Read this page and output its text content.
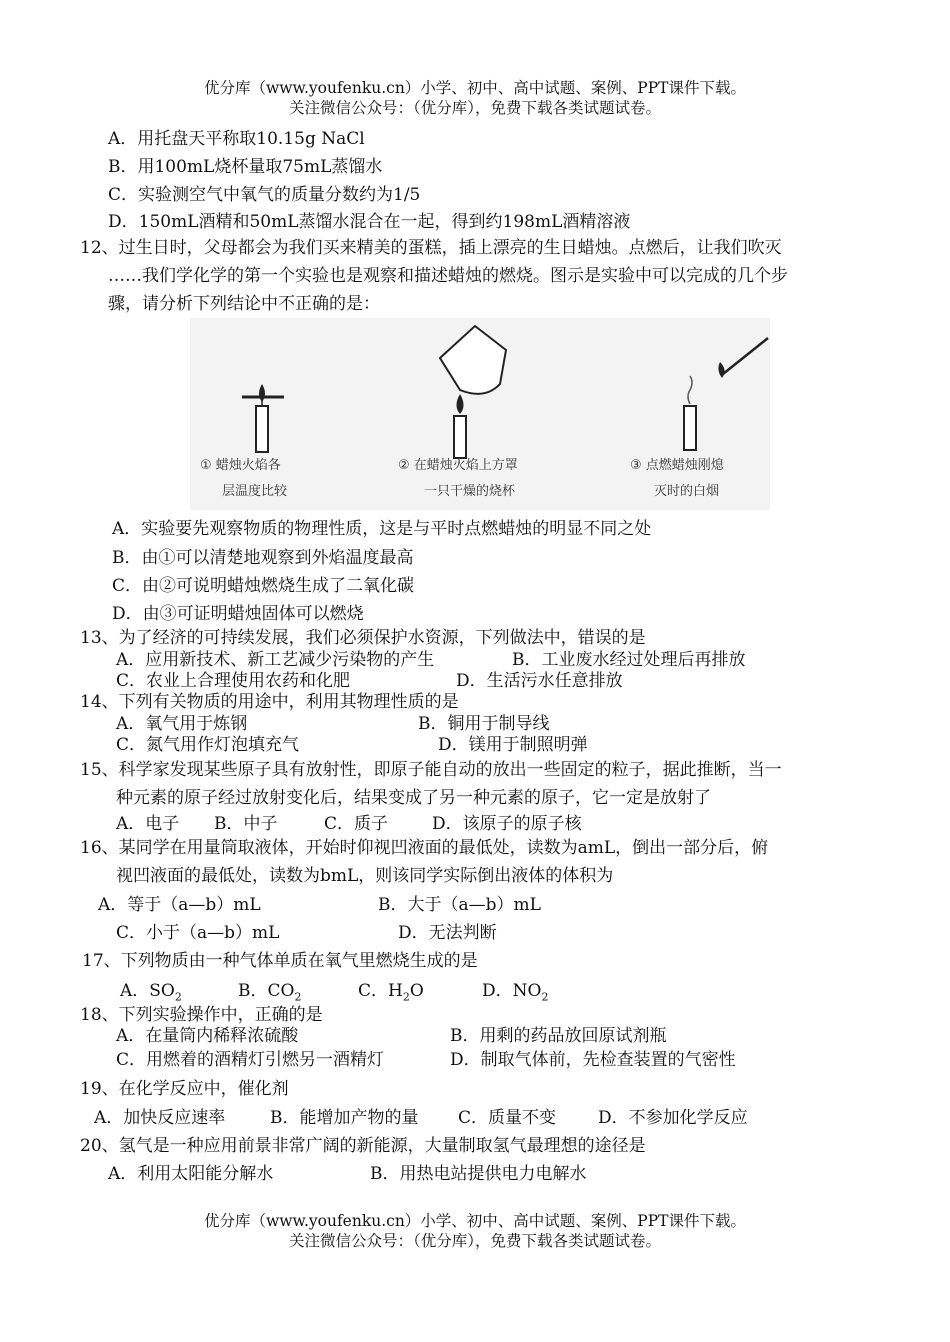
优分库（www.youfenku.cn）小学、初中、高中试题、案例、PPT课件下载。
关注微信公众号：（优分库），免费下载各类试题试卷。
A．用托盘天平称取10.15g NaCl
B．用100mL烧杯量取75mL蒸馏水
C．实验测空气中氧气的质量分数约为1/5
D．150mL酒精和50mL蒸馏水混合在一起，得到约198mL酒精溶液
12、过生日时，父母都会为我们买来精美的蛋糕，插上漂亮的生日蜡烛。点燃后，让我们吹灭
……我们学化学的第一个实验也是观察和描述蜡烛的燃烧。图示是实验中可以完成的几个步
骤，请分析下列结论中不正确的是：
① 蜡烛火焰各
层温度比较
② 在蜡烛火焰上方罩
一只干燥的烧杯
③ 点燃蜡烛刚熄
灭时的白烟
A．实验要先观察物质的物理性质，这是与平时点燃蜡烛的明显不同之处
B．由①可以清楚地观察到外焰温度最高
C．由②可说明蜡烛燃烧生成了二氧化碳
D．由③可证明蜡烛固体可以燃烧
13、为了经济的可持续发展，我们必须保护水资源，下列做法中，错误的是
A．应用新技术、新工艺减少污染物的产生	B．工业废水经过处理后再排放
C．农业上合理使用农药和化肥	D．生活污水任意排放
14、下列有关物质的用途中，利用其物理性质的是
A．氧气用于炼钢	B．铜用于制导线
C．氮气用作灯泡填充气	D．镁用于制照明弹
15、科学家发现某些原子具有放射性，即原子能自动的放出一些固定的粒子，据此推断，当一
种元素的原子经过放射变化后，结果变成了另一种元素的原子，它一定是放射了
A．电子 B．中子	C．质子	D．该原子的原子核
16、某同学在用量筒取液体，开始时仰视凹液面的最低处，读数为amL，倒出一部分后，俯
视凹液面的最低处，读数为bmL，则该同学实际倒出液体的体积为
A．等于（a—b）mL	B．大于（a—b）mL
C．小于（a—b）mL	D．无法判断
17、下列物质由一种气体单质在氧气里燃烧生成的是
A．$SO_2$	B．$CO_2$	C．$H_2O$	D．$NO_2$
18、下列实验操作中，正确的是
A．在量筒内稀释浓硫酸	B．用剩的药品放回原试剂瓶
C．用燃着的酒精灯引燃另一酒精灯	D．制取气体前，先检查装置的气密性
19、在化学反应中，催化剂
A．加快反应速率	B．能增加产物的量 C．质量不变 D．不参加化学反应
20、氢气是一种应用前景非常广阔的新能源，大量制取氢气最理想的途径是
A．利用太阳能分解水	B．用热电站提供电力电解水
优分库（www.youfenku.cn）小学、初中、高中试题、案例、PPT课件下载。
关注微信公众号：（优分库），免费下载各类试题试卷。
